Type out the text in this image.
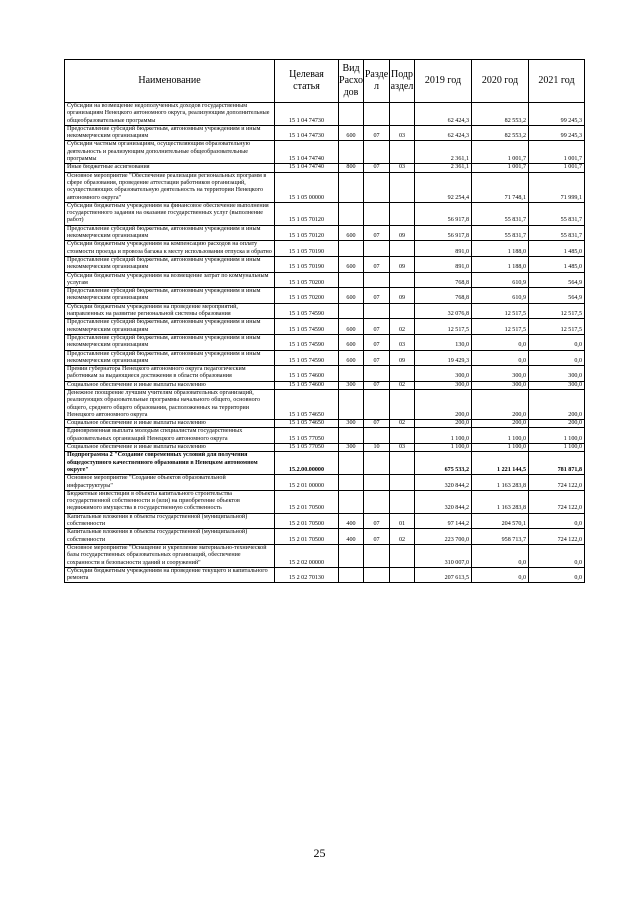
Наименование	Целевая статья	Вид Расхо дов	Разде л	Подр аздел	2019 год	2020 год	2021 год
Субсидии на возмещение недополученных доходов государственным организациям Ненецкого автономного округа, реализующим дополнительные общеобразовательные программы	15 1 04 74730				62 424,3	82 553,2	99 245,3
Предоставление субсидий бюджетным, автономным учреждениям и иным некоммерческим организациям	15 1 04 74730	600	07	03	62 424,3	82 553,2	99 245,3
Субсидии частным организациям, осуществляющим образовательную деятельность и реализующим дополнительные общеобразовательные программы	15 1 04 74740				2 361,1	1 001,7	1 001,7
Иные бюджетные ассигнования	15 1 04 74740	800	07	03	2 361,1	1 001,7	1 001,7
Основное мероприятие "Обеспечение реализации региональных программ в сфере образования, проведение аттестации работников организаций, осуществляющих образовательную деятельность на территории Ненецкого автономного округа"	15 1 05 00000				92 254,4	71 748,1	71 999,1
Субсидии бюджетным учреждениям на финансовое обеспечение выполнения государственного задания на оказание государственных услуг (выполнение работ)	15 1 05 70120				56 917,8	55 831,7	55 831,7
Предоставление субсидий бюджетным, автономным учреждениям и иным некоммерческим организациям	15 1 05 70120	600	07	09	56 917,8	55 831,7	55 831,7
Субсидии бюджетным учреждениям на компенсацию расходов на оплату стоимости проезда и провоза багажа к месту использования отпуска и обратно	15 1 05 70190				891,0	1 188,0	1 485,0
Предоставление субсидий бюджетным, автономным учреждениям и иным некоммерческим организациям	15 1 05 70190	600	07	09	891,0	1 188,0	1 485,0
Субсидии бюджетным учреждениям на возмещение затрат по коммунальным услугам	15 1 05 70200				768,8	610,9	564,9
Предоставление субсидий бюджетным, автономным учреждениям и иным некоммерческим организациям	15 1 05 70200	600	07	09	768,8	610,9	564,9
Субсидии бюджетным учреждениям на проведение мероприятий, направленных на развитие региональной системы образования	15 1 05 74590				32 076,8	12 517,5	12 517,5
Предоставление субсидий бюджетным, автономным учреждениям и иным некоммерческим организациям	15 1 05 74590	600	07	02	12 517,5	12 517,5	12 517,5
Предоставление субсидий бюджетным, автономным учреждениям и иным некоммерческим организациям	15 1 05 74590	600	07	03	130,0	0,0	0,0
Предоставление субсидий бюджетным, автономным учреждениям и иным некоммерческим организациям	15 1 05 74590	600	07	09	19 429,3	0,0	0,0
Премии губернатора Ненецкого автономного округа педагогическим работникам за выдающиеся достижения в области образования	15 1 05 74600				300,0	300,0	300,0
Социальное обеспечение и иные выплаты населению	15 1 05 74600	300	07	02	300,0	300,0	300,0
Денежное поощрение лучшим учителям образовательных организаций, реализующих образовательные программы начального общего, основного общего, среднего общего образования, расположенных на территории Ненецкого автономного округа	15 1 05 74650				200,0	200,0	200,0
Социальное обеспечение и иные выплаты населению	15 1 05 74650	300	07	02	200,0	200,0	200,0
Единовременная выплата молодым специалистам государственных образовательных организаций Ненецкого автономного округа	15 1 05 77050				1 100,0	1 100,0	1 100,0
Социальное обеспечение и иные выплаты населению	15 1 05 77050	300	10	03	1 100,0	1 100,0	1 100,0
Подпрограмма 2 "Создание современных условий для получения общедоступного качественного образования в Ненецком автономном округе"	15.2.00.00000				675 533,2	1 221 144,5	781 871,8
Основное мероприятие "Создание объектов образовательной инфраструктуры"	15 2 01 00000				320 844,2	1 163 283,8	724 122,0
Бюджетные инвестиции в объекты капитального строительства государственной собственности и (или) на приобретение объектов недвижимого имущества в государственную собственность	15 2 01 70500				320 844,2	1 163 283,8	724 122,0
Капитальные вложения в объекты государственной (муниципальной) собственности	15 2 01 70500	400	07	01	97 144,2	204 570,1	0,0
Капитальные вложения в объекты государственной (муниципальной) собственности	15 2 01 70500	400	07	02	223 700,0	958 713,7	724 122,0
Основное мероприятие "Оснащение и укрепление материально-технической базы государственных образовательных организаций, обеспечение сохранности и безопасности зданий и сооружений"	15 2 02 00000				310 007,0	0,0	0,0
Субсидии бюджетным учреждениям на проведение текущего и капитального ремонта	15 2 02 70130				207 613,5	0,0	0,0
25
